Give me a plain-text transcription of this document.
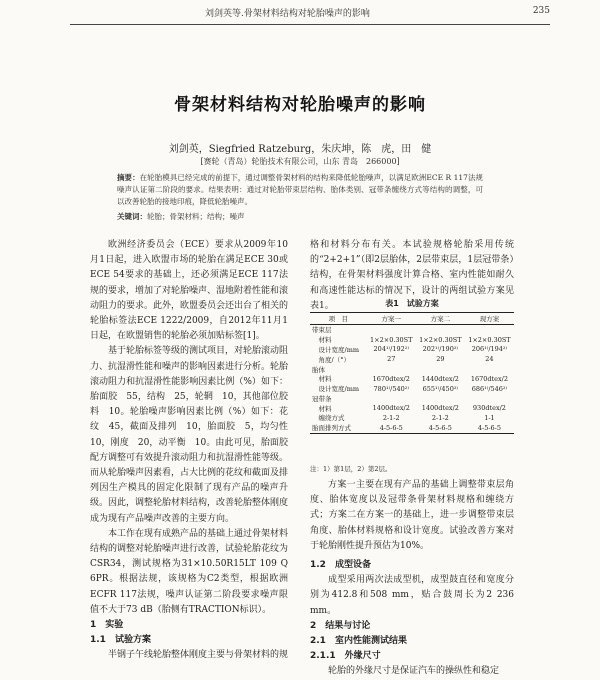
刘剑英等.骨架材料结构对轮胎噪声的影响	235
骨架材料结构对轮胎噪声的影响
刘剑英，Siegfried Ratzeburg，朱庆坤，陈　虎，田　健
[赛轮（青岛）轮胎技术有限公司，山东 青岛　266000]
摘要：在轮胎模具已经完成的前提下，通过调整骨架材料的结构来降低轮胎噪声，以满足欧洲ECE R 117法规噪声认证第二阶段的要求。结果表明：通过对轮胎带束层结构、胎体类别、冠带条缠绕方式等结构的调整，可以改善轮胎的接地印痕，降低轮胎噪声。
关键词：轮胎；骨架材料；结构；噪声

欧洲经济委员会（ECE）要求从2009年10月1日起，进入欧盟市场的轮胎在满足ECE 30或ECE 54要求的基础上，还必须满足ECE 117法规的要求，增加了对轮胎噪声、湿地附着性能和滚动阻力的要求。此外，欧盟委员会还出台了相关的轮胎标签法ECE 1222/2009，自2012年11月1日起，在欧盟销售的轮胎必须加贴标签[1]。

基于轮胎标签等级的测试项目，对轮胎滚动阻力、抗湿滑性能和噪声的影响因素进行分析。轮胎滚动阻力和抗湿滑性能影响因素比例（%）如下：胎面胶　55，结构　25，轮辋　10，其他部位胶料　10。轮胎噪声影响因素比例（%）如下：花纹　45，截面及排列　10，胎面胶　5，均匀性　10，刚度　20，动平衡　10。由此可见，胎面胶配方调整可有效提升滚动阻力和抗湿滑性能等级。而从轮胎噪声因素看，占大比例的花纹和截面及排列因生产模具的固定化限制了现有产品的噪声升级。因此，调整轮胎材料结构，改善轮胎整体刚度成为现有产品噪声改善的主要方向。

本工作在现有成熟产品的基础上通过骨架材料结构的调整对轮胎噪声进行改善，试验轮胎花纹为CSR34，测试规格为31×10.50R15LT 109 Q 6PR。根据法规，该规格为C2类型，根据欧洲ECFR 117法规，噪声认证第二阶段要求噪声限值不大于73 dB（胎侧有TRACTION标识）。

1　实验

1.1　试验方案

半钢子午线轮胎整体刚度主要与骨架材料的规

格和材料分布有关。本试验规格轮胎采用传统的“2+2+1”（即2层胎体，2层带束层，1层冠带条）结构，在骨架材料强度计算合格、室内性能如耐久和高速性能达标的情况下，设计的两组试验方案见表1。	表1　试验方案
项　目	方案一	方案二	现方案
带束层			
　材料	1×2×0.30ST	1×2×0.30ST	1×2×0.30ST
　设计宽度/mm	204¹⁾/192²⁾	202¹⁾/190²⁾	206¹⁾/194²⁾
　角度/（°）	27	29	24
胎体			
　材料	1670dtex/2	1440dtex/2	1670dtex/2
　设计宽度/mm	780¹⁾/540²⁾	655¹⁾/450²⁾	686¹⁾/546²⁾
冠带条			
　材料	1400dtex/2	1400dtex/2	930dtex/2
　缠绕方式	2-1-2	2-1-2	1-1
胎面排列方式	4-5-6-5	4-5-6-5	4-5-6-5
注：1）第1层，2）第2层。

方案一主要在现有产品的基础上调整带束层角度、胎体宽度以及冠带条骨架材料规格和缠绕方式；方案二在方案一的基础上，进一步调整带束层角度、胎体材料规格和设计宽度。试验改善方案对于轮胎刚性提升预估为10%。

1.2　成型设备

成型采用两次法成型机，成型鼓直径和宽度分别为412.8和508 mm，贴合鼓周长为2 236 mm。

2　结果与讨论

2.1　室内性能测试结果

2.1.1　外缘尺寸

轮胎的外缘尺寸是保证汽车的操纵性和稳定
